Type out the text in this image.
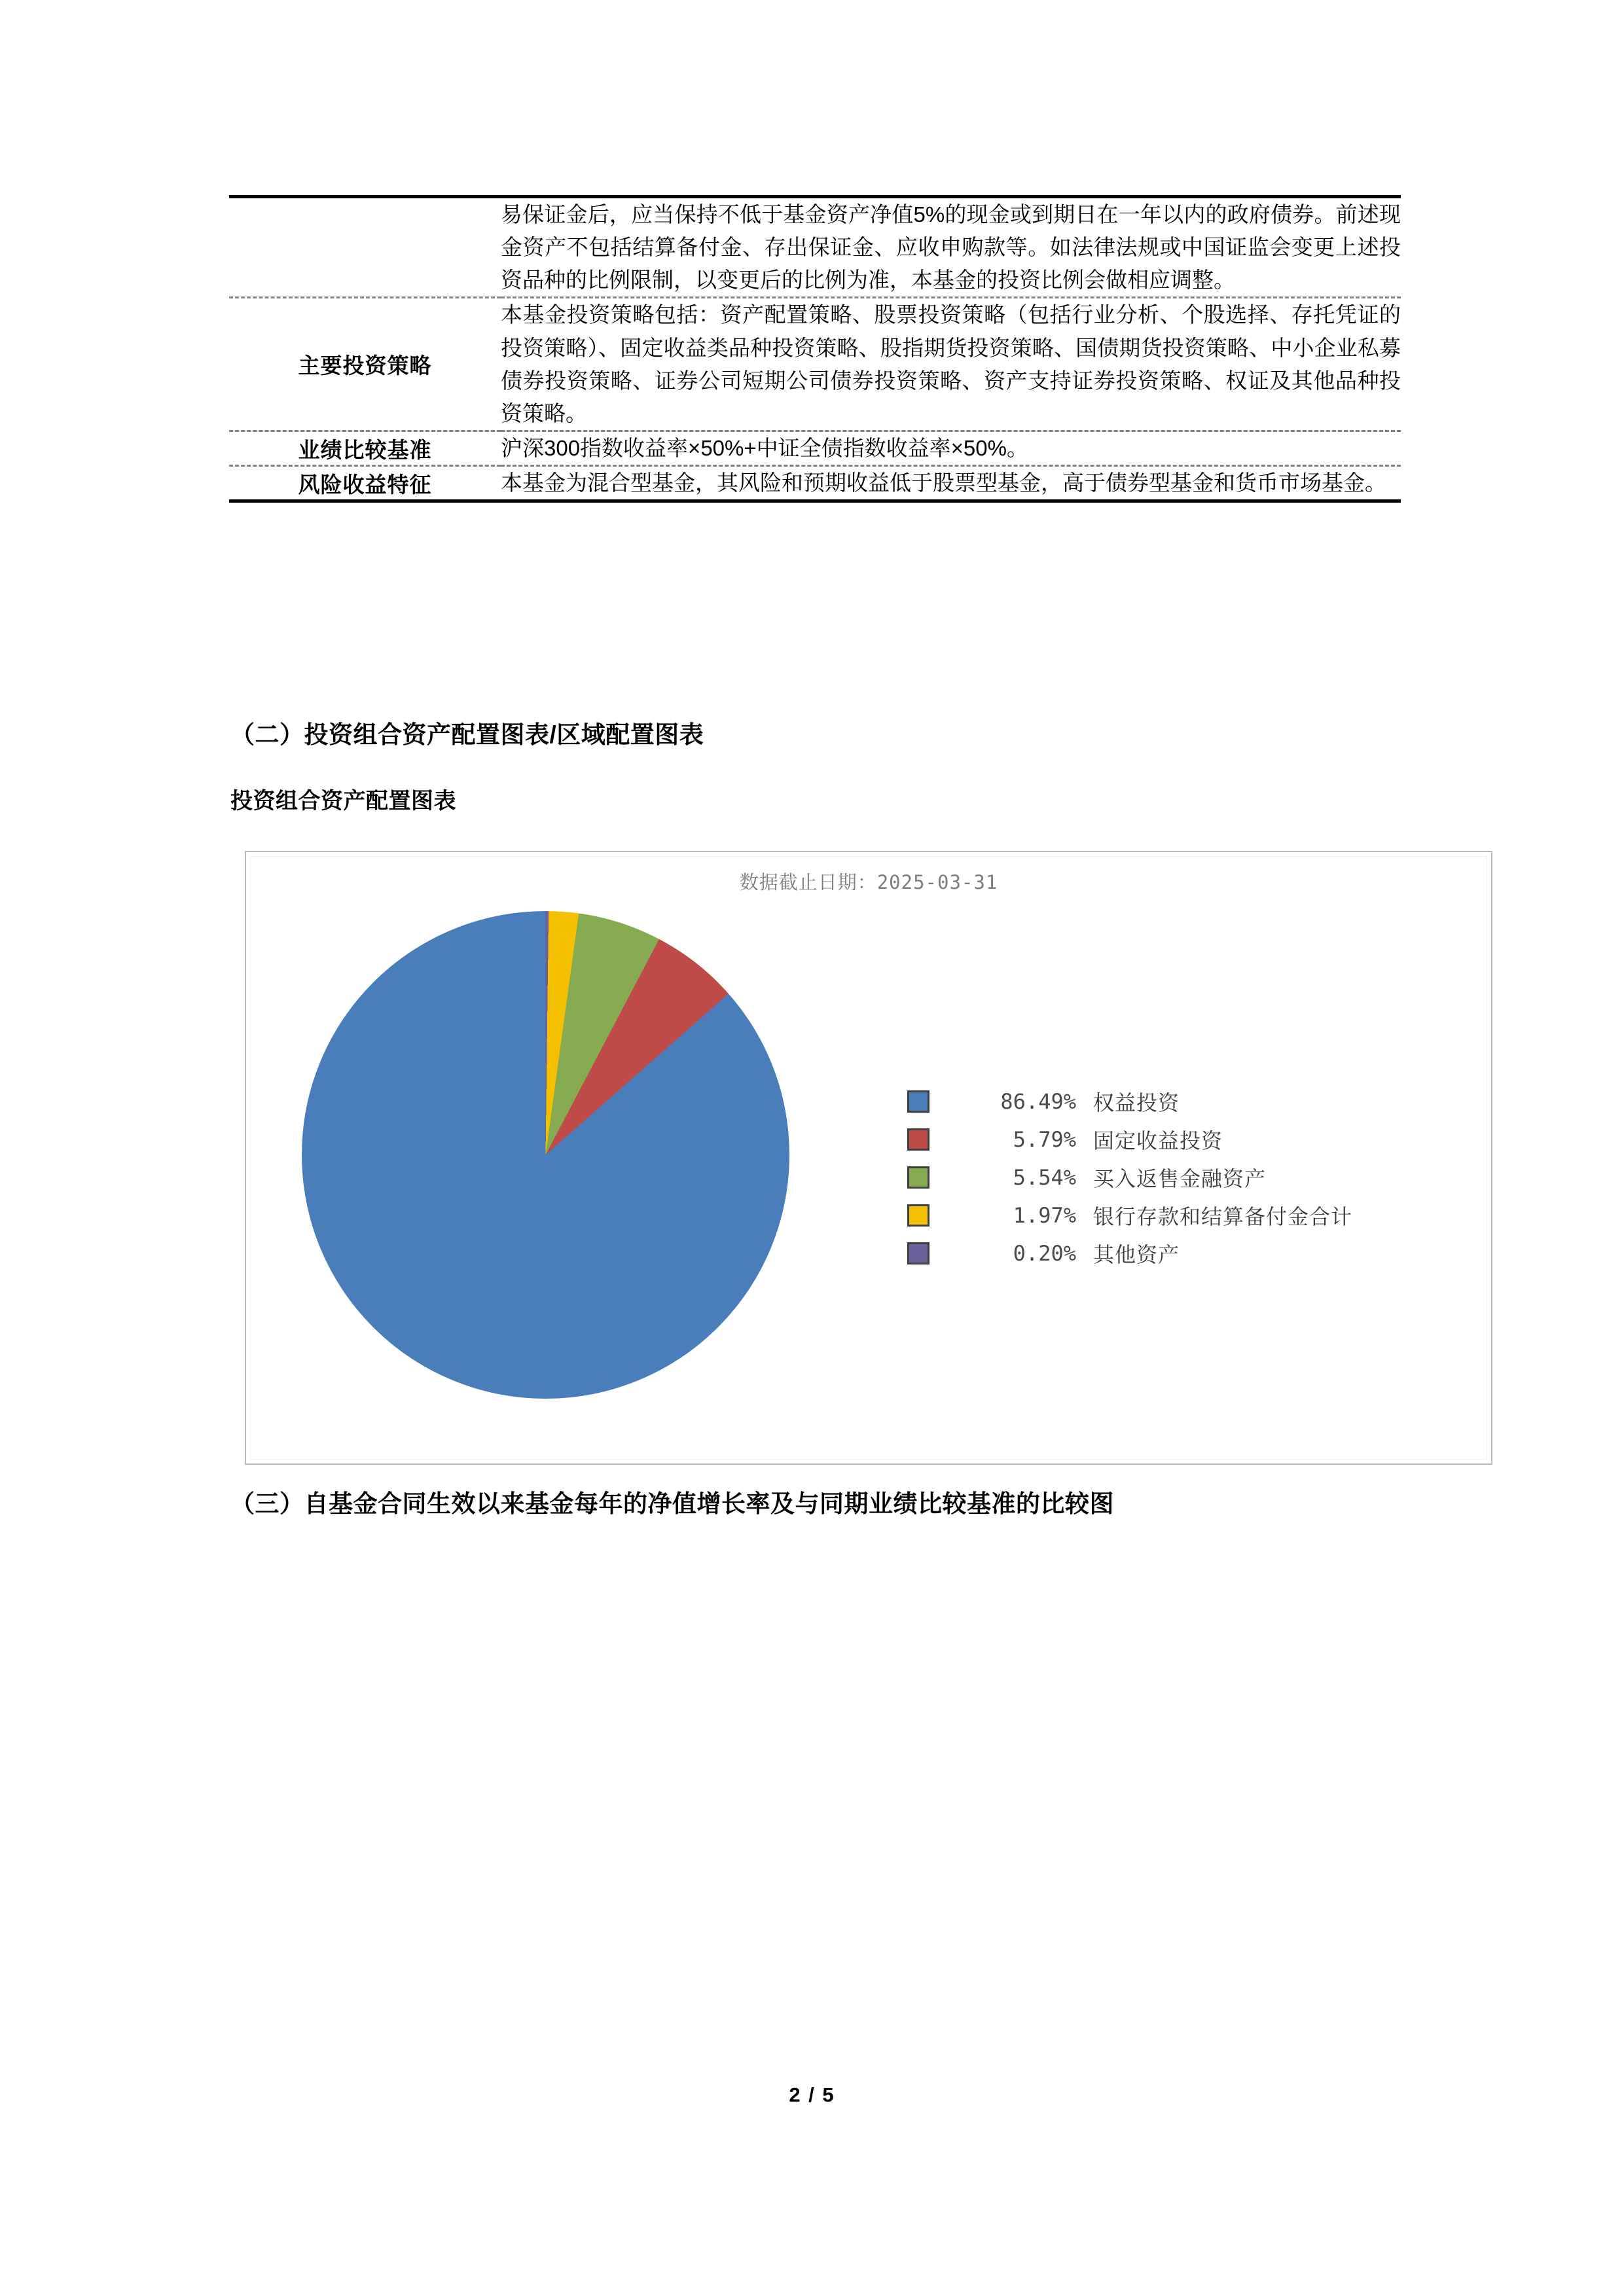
	易保证金后，应当保持不低于基金资产净值5%的现金或到期日在一年以内的政府债券。前述现金资产不包括结算备付金、存出保证金、应收申购款等。如法律法规或中国证监会变更上述投资品种的比例限制，以变更后的比例为准，本基金的投资比例会做相应调整。

主要投资策略	本基金投资策略包括：资产配置策略、股票投资策略（包括行业分析、个股选择、存托凭证的投资策略）、固定收益类品种投资策略、股指期货投资策略、国债期货投资策略、中小企业私募债券投资策略、证券公司短期公司债券投资策略、资产支持证券投资策略、权证及其他品种投资策略。

业绩比较基准	沪深300指数收益率×50%+中证全债指数收益率×50%。

风险收益特征	本基金为混合型基金，其风险和预期收益低于股票型基金，高于债券型基金和货币市场基金。

（二）投资组合资产配置图表/区域配置图表
投资组合资产配置图表
数据截止日期：2025-03-31
86.49% 权益投资
5.79% 固定收益投资
5.54% 买入返售金融资产
1.97% 银行存款和结算备付金合计
0.20% 其他资产
（三）自基金合同生效以来基金每年的净值增长率及与同期业绩比较基准的比较图
2 / 5
